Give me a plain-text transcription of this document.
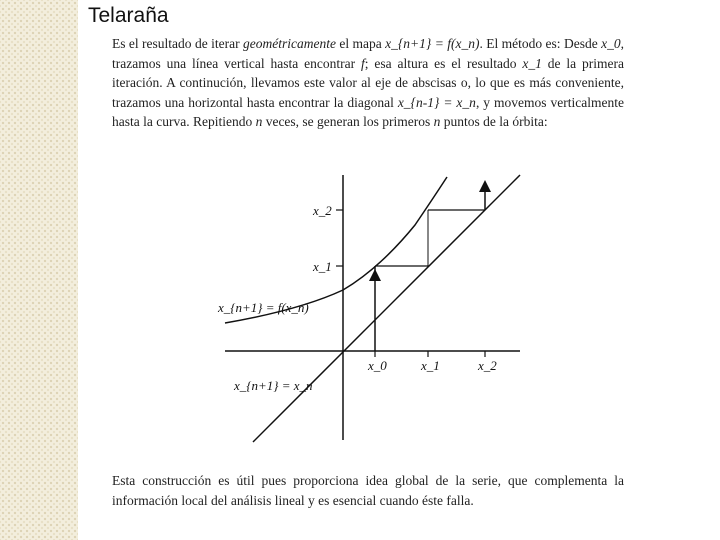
Telaraña

Es el resultado de iterar geométricamente el mapa x_{n+1} = f(x_n). El método es: Desde x_0, trazamos una línea vertical hasta encontrar f; esa altura es el resultado x_1 de la primera iteración. A continución, llevamos este valor al eje de abscisas o, lo que es más conveniente, trazamos una horizontal hasta encontrar la diagonal x_{n-1} = x_n, y movemos verticalmente hasta la curva. Repitiendo n veces, se generan los primeros n puntos de la órbita:

x_2
x_1
x_{n+1} = f(x_n)
x_{n+1} = x_n
x_0	x_1	x_2

Esta construcción es útil pues proporciona idea global de la serie, que complementa la información local del análisis lineal y es esencial cuando éste falla.
